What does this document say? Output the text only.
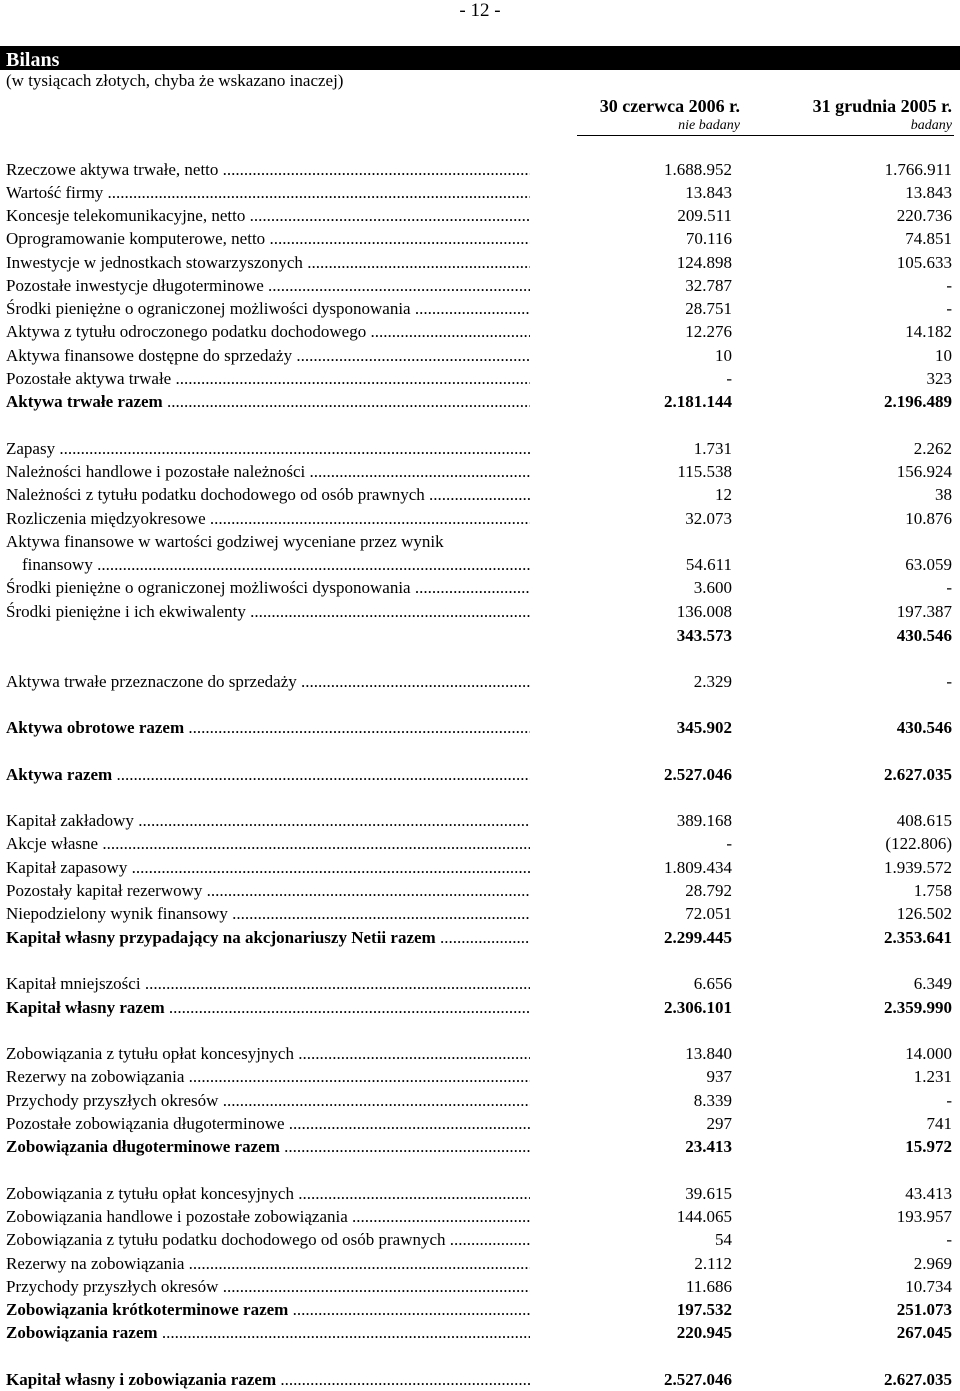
- 12 -
Bilans
(w tysiącach złotych, chyba że wskazano inaczej)
30 czerwca 2006 r.
nie badany
31 grudnia 2005 r.
badany
Rzeczowe aktywa trwałe, netto .....	1.688.952	1.766.911
Wartość firmy .....	13.843	13.843
Koncesje telekomunikacyjne, netto .....	209.511	220.736
Oprogramowanie komputerowe, netto .....	70.116	74.851
Inwestycje w jednostkach stowarzyszonych .....	124.898	105.633
Pozostałe inwestycje długoterminowe .....	32.787	-
Środki pieniężne o ograniczonej możliwości dysponowania .....	28.751	-
Aktywa z tytułu odroczonego podatku dochodowego .....	12.276	14.182
Aktywa finansowe dostępne do sprzedaży .....	10	10
Pozostałe aktywa trwałe .....	-	323
Aktywa trwałe razem .....	2.181.144	2.196.489
Zapasy .....	1.731	2.262
Należności handlowe i pozostałe należności .....	115.538	156.924
Należności z tytułu podatku dochodowego od osób prawnych .....	12	38
Rozliczenia międzyokresowe .....	32.073	10.876
Aktywa finansowe w wartości godziwej wyceniane przez wynik
finansowy .....	54.611	63.059
Środki pieniężne o ograniczonej możliwości dysponowania .....	3.600	-
Środki pieniężne i ich ekwiwalenty .....	136.008	197.387
343.573	430.546
Aktywa trwałe przeznaczone do sprzedaży .....	2.329	-
Aktywa obrotowe razem .....	345.902	430.546
Aktywa razem .....	2.527.046	2.627.035
Kapitał zakładowy .....	389.168	408.615
Akcje własne .....	-	(122.806)
Kapitał zapasowy .....	1.809.434	1.939.572
Pozostały kapitał rezerwowy .....	28.792	1.758
Niepodzielony wynik finansowy .....	72.051	126.502
Kapitał własny przypadający na akcjonariuszy Netii razem .....	2.299.445	2.353.641
Kapitał mniejszości .....	6.656	6.349
Kapitał własny razem .....	2.306.101	2.359.990
Zobowiązania z tytułu opłat koncesyjnych .....	13.840	14.000
Rezerwy na zobowiązania .....	937	1.231
Przychody przyszłych okresów .....	8.339	-
Pozostałe zobowiązania długoterminowe .....	297	741
Zobowiązania długoterminowe razem .....	23.413	15.972
Zobowiązania z tytułu opłat koncesyjnych .....	39.615	43.413
Zobowiązania handlowe i pozostałe zobowiązania .....	144.065	193.957
Zobowiązania z tytułu podatku dochodowego od osób prawnych .....	54	-
Rezerwy na zobowiązania .....	2.112	2.969
Przychody przyszłych okresów .....	11.686	10.734
Zobowiązania krótkoterminowe razem .....	197.532	251.073
Zobowiązania razem .....	220.945	267.045
Kapitał własny i zobowiązania razem .....	2.527.046	2.627.035
